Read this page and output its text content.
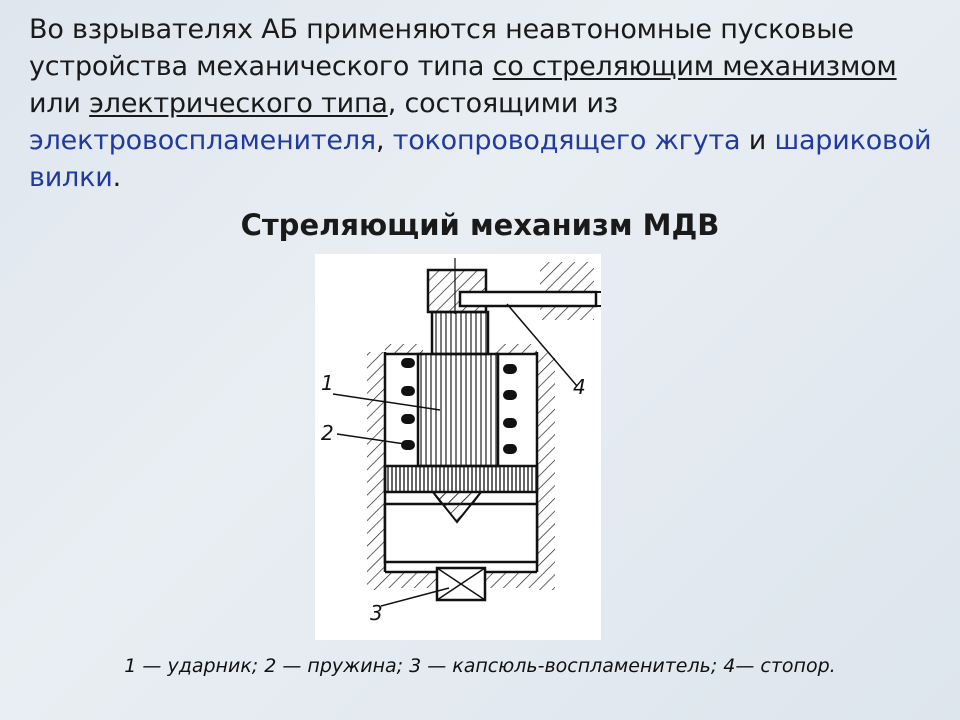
Во взрывателях АБ применяются неавтономные пусковые устройства механического типа со стреляющим механизмом или электрического типа, состоящими из электровоспламенителя, токопроводящего жгута и шариковой вилки.
Стреляющий механизм МДВ
1
2
3
4
1 — ударник; 2 — пружина; 3 — капсюль-воспламенитель; 4— стопор.
